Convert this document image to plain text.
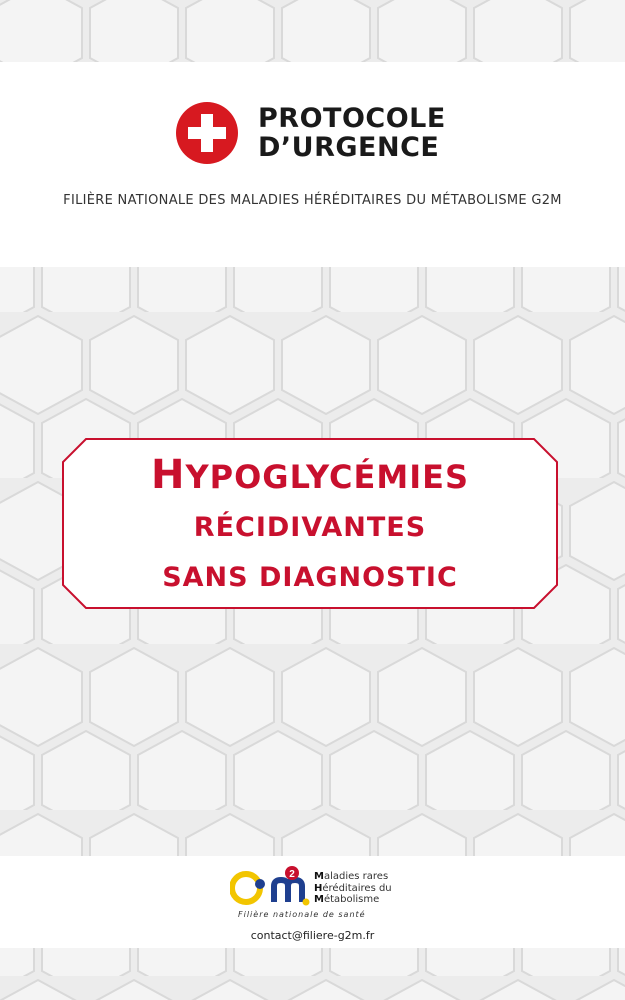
PROTOCOLE
D’URGENCE
FILIÈRE NATIONALE DES MALADIES HÉRÉDITAIRES DU MÉTABOLISME G2M
HYPOGLYCÉMIES
RÉCIDIVANTES
SANS DIAGNOSTIC
2 Maladies rares
Héréditaires du
Métabolisme
Filière nationale de santé
contact@filiere-g2m.fr
